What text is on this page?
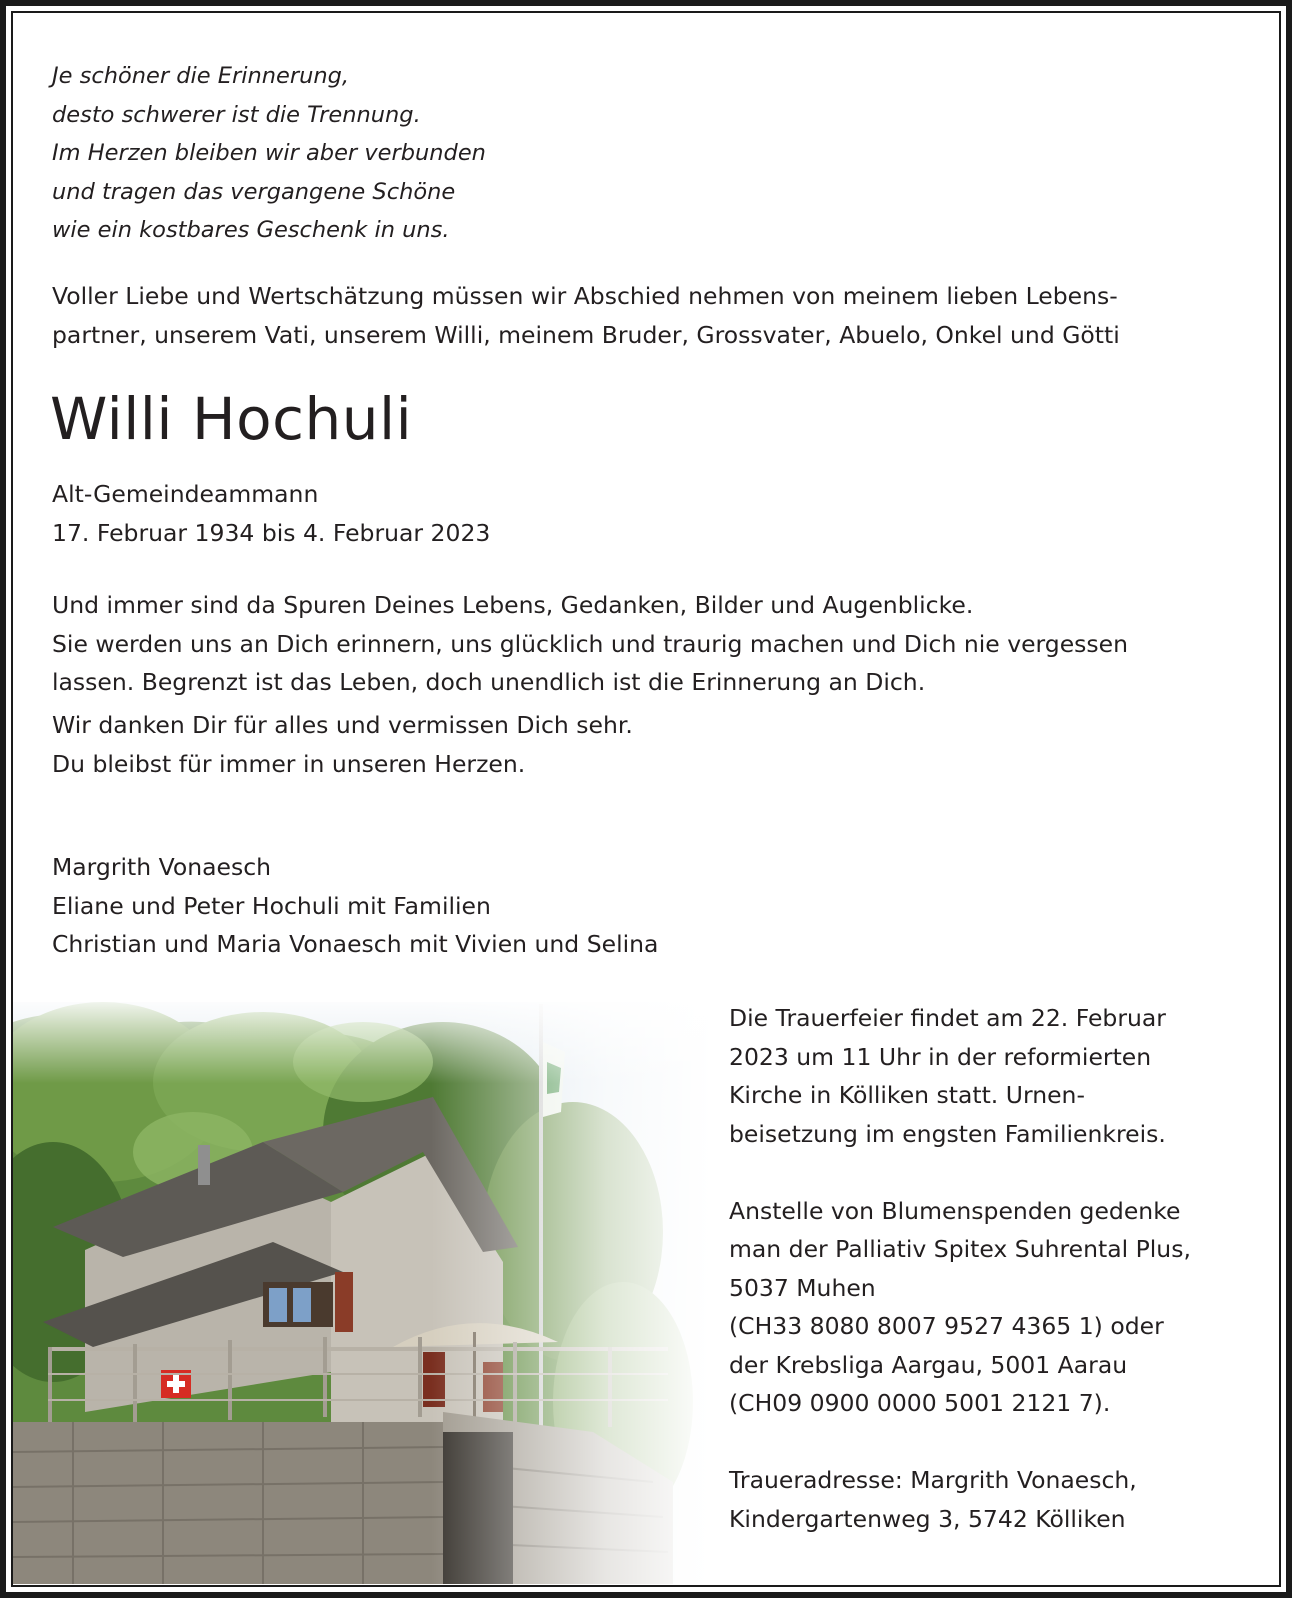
Je schöner die Erinnerung,
desto schwerer ist die Trennung.
Im Herzen bleiben wir aber verbunden
und tragen das vergangene Schöne
wie ein kostbares Geschenk in uns.
Voller Liebe und Wertschätzung müssen wir Abschied nehmen von meinem lieben Lebens-
partner, unserem Vati, unserem Willi, meinem Bruder, Grossvater, Abuelo, Onkel und Götti
Willi Hochuli
Alt-Gemeindeammann
17. Februar 1934 bis 4. Februar 2023
Und immer sind da Spuren Deines Lebens, Gedanken, Bilder und Augenblicke.
Sie werden uns an Dich erinnern, uns glücklich und traurig machen und Dich nie vergessen
lassen. Begrenzt ist das Leben, doch unendlich ist die Erinnerung an Dich.
Wir danken Dir für alles und vermissen Dich sehr.
Du bleibst für immer in unseren Herzen.
Margrith Vonaesch
Eliane und Peter Hochuli mit Familien
Christian und Maria Vonaesch mit Vivien und Selina
Die Trauerfeier findet am 22. Februar
2023 um 11 Uhr in der reformierten
Kirche in Kölliken statt. Urnen-
beisetzung im engsten Familienkreis.
Anstelle von Blumenspenden gedenke
man der Palliativ Spitex Suhrental Plus,
5037 Muhen
(CH33 8080 8007 9527 4365 1) oder
der Krebsliga Aargau, 5001 Aarau
(CH09 0900 0000 5001 2121 7).
Traueradresse: Margrith Vonaesch,
Kindergartenweg 3, 5742 Kölliken
